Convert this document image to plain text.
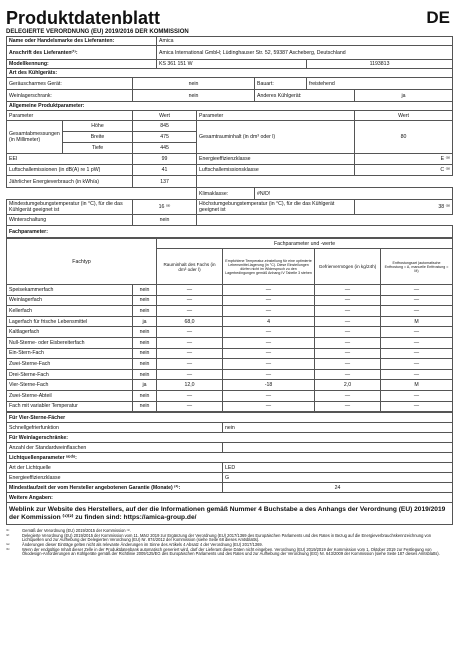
Produktdatenblatt	DE
DELEGIERTE VERORDNUNG (EU) 2019/2016 DER KOMMISSION
Name oder Handelsmarke des Lieferanten:			Amica				
Anschrift des Lieferanten⁽¹⁾:			Amica International GmbH; Lüdinghauser Str. 52, 59387 Ascheberg, Deutschland				
Modellkennung:			KS 361 151 W			1193813	
Art des Kühlgeräts:							
Geräuscharmes Gerät:		nein			Bauart:	freistehend	
Weinlagerschrank:		nein			Anderes Kühlgerät:		ja
Allgemeine Produktparameter:							
Parameter		Wert		Parameter			Wert
Gesamtabmessungen (in Millimeter)	Höhe	845		Gesamtrauminhalt (in dm³ oder l)			80
	Breite	475					
	Tiefe	445					
EEI		99		Energieeffizienzklasse			E ⁽ᵃ⁾
Luftschallemissionen (in dB(A) re 1 pW)		41		Luftschallemissionsklasse			C ⁽ᵃ⁾
Jährlicher Energieverbrauch (in kWh/a)		137					
				Klimaklasse:	#N/D!		
Mindestumgebungstemperatur (in °C), für die das Kühlgerät geeignet ist		16 ⁽ᵃ⁾		Höchstumgebungstemperatur (in °C), für die das Kühlgerät geeignet ist			38 ⁽ᵃ⁾
Winterschaltung		nein					
Fachparameter:							
Fachtyp		Fachparameter und -werte			
		Rauminhalt des Fachs (in dm³ oder l)	Empfohlene Temperatur-einstellung für eine optimierte Lebensmittel-lagerung (in °C). Diese Einstellungen dürfen nicht im Widerspruch zu den Lagerbedingungen gemäß Anhang IV Tabelle 3 stehen	Gefriervermögen (in kg/24h)	Entfrostungsart (automatische Entfrostung = A, manuelle Entfrostung = M)
Speisekammerfach	nein	—	—	—	—
Weinlagerfach	nein	—	—	—	—
Kellerfach	nein	—	—	—	—
Lagerfach für frische Lebensmittel	ja	68,0	4	—	M
Kaltlagerfach	nein	—	—	—	—
Null-Sterne- oder Eisbereiterfach	nein	—	—	—	—
Ein-Stern-Fach	nein	—	—	—	—
Zwei-Sterne-Fach	nein	—	—	—	—
Drei-Sterne-Fach	nein	—	—	—	—
Vier-Sterne-Fach	ja	12,0	-18	2,0	M
Zwei-Sterne-Abteil	nein	—	—	—	—
Fach mit variabler Temperatur	nein	—	—	—	—
Für Vier-Sterne-Fächer	
Schnellgefrierfunktion	nein
Für Weinlagerschränke:	
Anzahl der Standardweinflaschen	
Lichtquellenparameter ⁽ᵃ⁾⁽ᵇ⁾:	
Art der Lichtquelle	LED
Energieeffizienzklasse	G
Mindestlaufzeit der vom Hersteller angebotenen Garantie (Monate) ⁽²⁾:	24
Weitere Angaben:	
Weblink zur Website des Herstellers, auf der die Informationen gemäß Nummer 4 Buchstabe a des Anhangs der Verordnung (EU) 2019/2019 der Kommission ⁽¹⁾⁽²⁾ zu finden sind: https://amica-group.de/	
⁽¹⁾	Gemäß der Verordnung (EU) 2019/2015 der Kommission ⁽¹⁾.
⁽²⁾	Delegierte Verordnung (EU) 2019/2015 der Kommission vom 11. März 2019 zur Ergänzung der Verordnung (EU) 2017/1369 des Europäischen Parlaments und des Rates in Bezug auf die Energieverbrauchskennzeichnung von Lichtquellen und zur Aufhebung der Delegierten Verordnung (EU) Nr. 874/2012 der Kommission (siehe Seite 68 dieses Amtsblatts).
⁽ᵃ⁾	Änderungen dieser Einträge gelten nicht als relevante Änderungen im Sinne des Artikels 4 Absatz 4 der Verordnung (EU) 2017/1369.
⁽ᵇ⁾	Wenn der endgültige Inhalt dieser Zelle in der Produktdatenbank automatisch generiert wird, darf der Lieferant diese Daten nicht eingeben. Verordnung (EU) 2019/2019 der Kommission vom 1. Oktober 2019 zur Festlegung von Ökodesign-Anforderungen an Kühlgeräte gemäß der Richtlinie 2009/125/EG des Europäischen Parlaments und des Rates und zur Aufhebung der Verordnung (EG) Nr. 643/2009 der Kommission (siehe Seite 187 dieses Amtsblatts).
